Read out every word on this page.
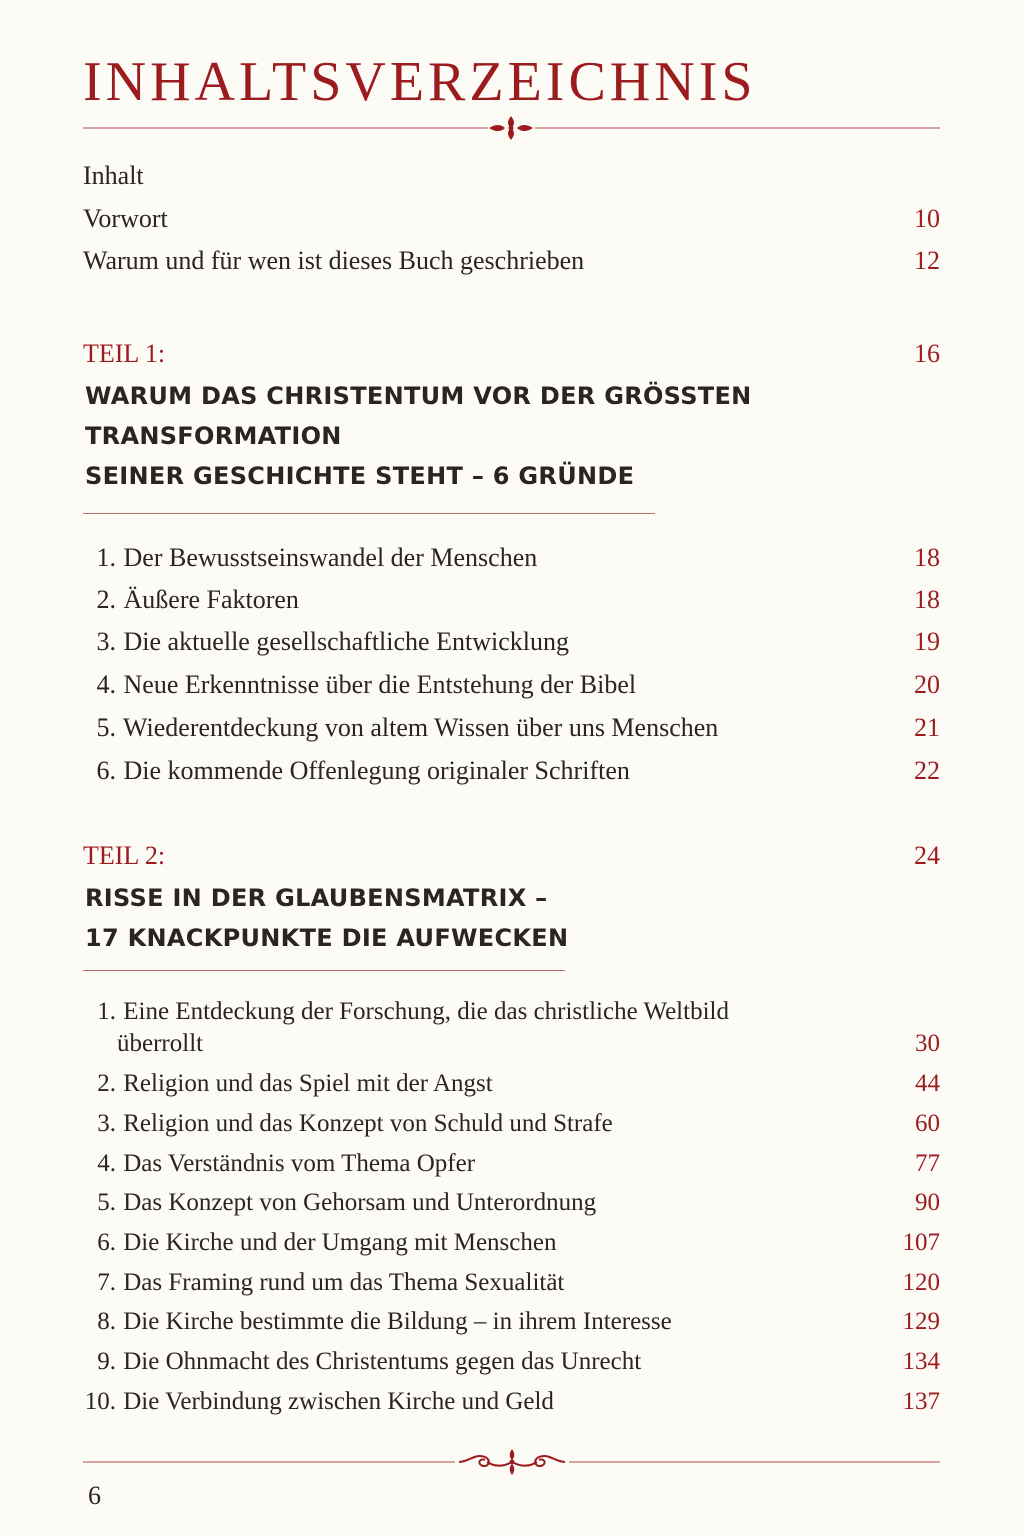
INHALTSVERZEICHNIS
Inhalt
Vorwort	10
Warum und für wen ist dieses Buch geschrieben	12
TEIL 1:	16
WARUM DAS CHRISTENTUM VOR DER GRÖSSTEN
TRANSFORMATION
SEINER GESCHICHTE STEHT – 6 GRÜNDE
1. Der Bewusstseinswandel der Menschen	18
2. Äußere Faktoren	18
3. Die aktuelle gesellschaftliche Entwicklung	19
4. Neue Erkenntnisse über die Entstehung der Bibel	20
5. Wiederentdeckung von altem Wissen über uns Menschen	21
6. Die kommende Offenlegung originaler Schriften	22
TEIL 2:	24
RISSE IN DER GLAUBENSMATRIX –
17 KNACKPUNKTE DIE AUFWECKEN
1. Eine Entdeckung der Forschung, die das christliche Weltbild
überrollt	30
2. Religion und das Spiel mit der Angst	44
3. Religion und das Konzept von Schuld und Strafe	60
4. Das Verständnis vom Thema Opfer	77
5. Das Konzept von Gehorsam und Unterordnung	90
6. Die Kirche und der Umgang mit Menschen	107
7. Das Framing rund um das Thema Sexualität	120
8. Die Kirche bestimmte die Bildung – in ihrem Interesse	129
9. Die Ohnmacht des Christentums gegen das Unrecht	134
10. Die Verbindung zwischen Kirche und Geld	137
6
